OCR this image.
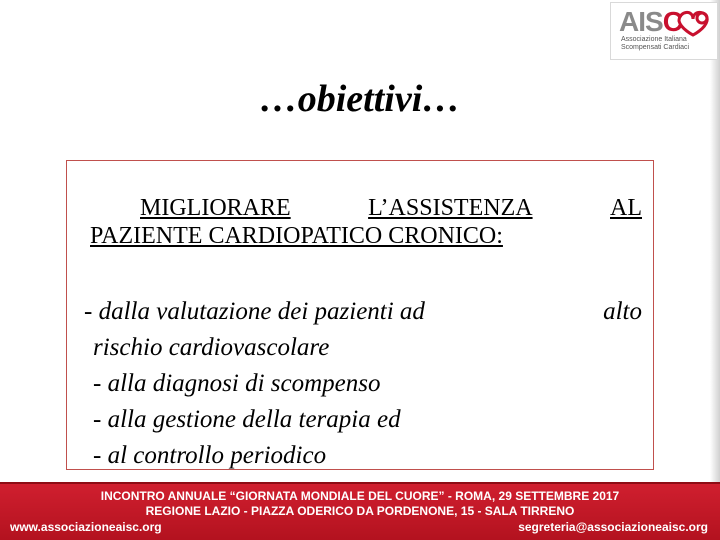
AISC
Associazione Italiana
Scompensati Cardiaci
…obiettivi…
MIGLIORARE	L’ASSISTENZA	AL
PAZIENTE CARDIOPATICO CRONICO:
- dalla valutazione dei pazienti ad	alto
rischio cardiovascolare
- alla diagnosi di scompenso
- alla gestione della terapia ed
- al controllo periodico
INCONTRO ANNUALE “GIORNATA MONDIALE DEL CUORE” - ROMA, 29 SETTEMBRE 2017
REGIONE LAZIO - PIAZZA ODERICO DA PORDENONE, 15 - SALA TIRRENO
www.associazioneaisc.org	segreteria@associazioneaisc.org
